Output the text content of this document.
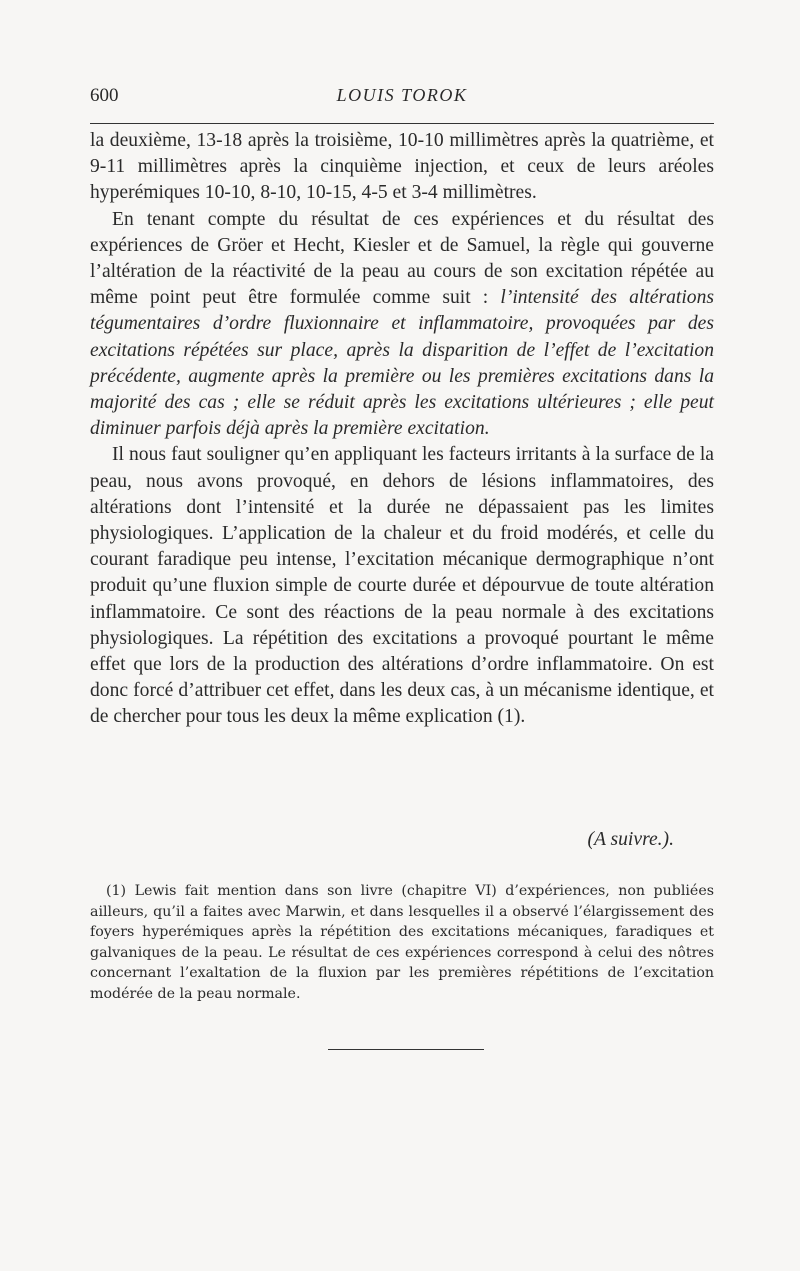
600	LOUIS TOROK

la deuxième, 13-18 après la troisième, 10-10 millimètres après la quatrième, et 9-11 millimètres après la cinquième injection, et ceux de leurs aréoles hyperémiques 10-10, 8-10, 10-15, 4-5 et 3-4 millimètres.

En tenant compte du résultat de ces expériences et du résultat des expériences de Gröer et Hecht, Kiesler et de Samuel, la règle qui gouverne l’altération de la réactivité de la peau au cours de son excitation répétée au même point peut être formulée comme suit : l’intensité des altérations tégumentaires d’ordre fluxionnaire et inflammatoire, provoquées par des excitations répétées sur place, après la disparition de l’effet de l’excitation précédente, augmente après la première ou les premières excitations dans la majorité des cas ; elle se réduit après les excitations ultérieures ; elle peut diminuer parfois déjà après la première excitation.

Il nous faut souligner qu’en appliquant les facteurs irritants à la surface de la peau, nous avons provoqué, en dehors de lésions inflammatoires, des altérations dont l’intensité et la durée ne dépassaient pas les limites physiologiques. L’application de la chaleur et du froid modérés, et celle du courant faradique peu intense, l’excitation mécanique dermographique n’ont produit qu’une fluxion simple de courte durée et dépourvue de toute altération inflammatoire. Ce sont des réactions de la peau normale à des excitations physiologiques. La répétition des excitations a provoqué pourtant le même effet que lors de la production des altérations d’ordre inflammatoire. On est donc forcé d’attribuer cet effet, dans les deux cas, à un mécanisme identique, et de chercher pour tous les deux la même explication (1).

(A suivre.).

(1) Lewis fait mention dans son livre (chapitre VI) d’expériences, non publiées ailleurs, qu’il a faites avec Marwin, et dans lesquelles il a observé l’élargissement des foyers hyperémiques après la répétition des excitations mécaniques, faradiques et galvaniques de la peau. Le résultat de ces expériences correspond à celui des nôtres concernant l’exaltation de la fluxion par les premières répétitions de l’excitation modérée de la peau normale.
